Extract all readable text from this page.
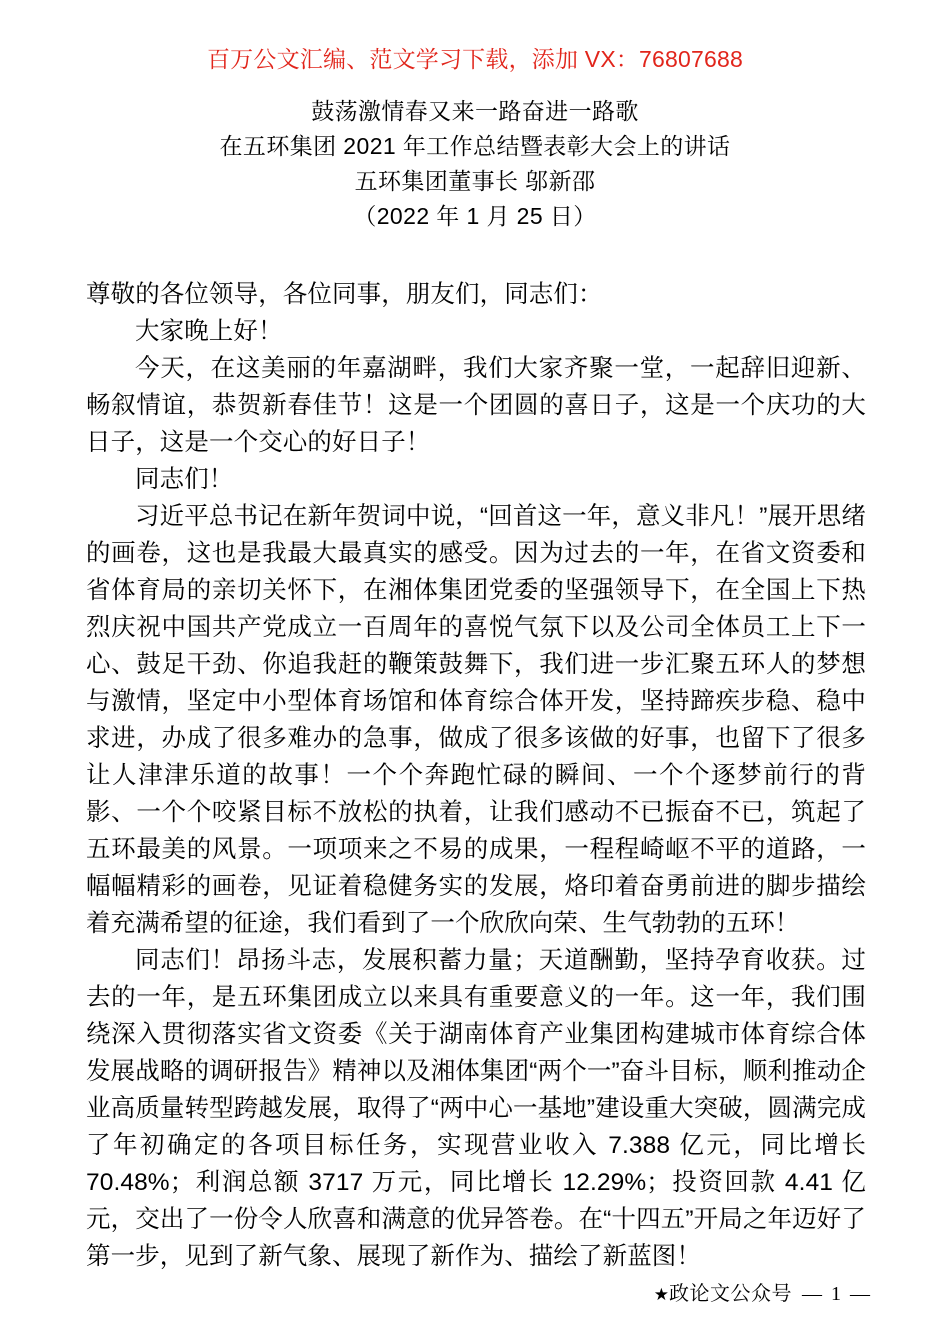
百万公文汇编、范文学习下载，添加 VX：76807688
鼓荡激情春又来一路奋进一路歌
在五环集团 2021 年工作总结暨表彰大会上的讲话
五环集团董事长 邬新邵
（2022 年 1 月 25 日）

尊敬的各位领导，各位同事，朋友们，同志们：

大家晚上好！

今天，在这美丽的年嘉湖畔，我们大家齐聚一堂，一起辞旧迎新、畅叙情谊，恭贺新春佳节！这是一个团圆的喜日子，这是一个庆功的大日子，这是一个交心的好日子！

同志们！

习近平总书记在新年贺词中说，“回首这一年，意义非凡！”展开思绪的画卷，这也是我最大最真实的感受。因为过去的一年，在省文资委和省体育局的亲切关怀下，在湘体集团党委的坚强领导下，在全国上下热烈庆祝中国共产党成立一百周年的喜悦气氛下以及公司全体员工上下一心、鼓足干劲、你追我赶的鞭策鼓舞下，我们进一步汇聚五环人的梦想与激情，坚定中小型体育场馆和体育综合体开发，坚持蹄疾步稳、稳中求进，办成了很多难办的急事，做成了很多该做的好事，也留下了很多让人津津乐道的故事！一个个奔跑忙碌的瞬间、一个个逐梦前行的背影、一个个咬紧目标不放松的执着，让我们感动不已振奋不已，筑起了五环最美的风景。一项项来之不易的成果，一程程崎岖不平的道路，一幅幅精彩的画卷，见证着稳健务实的发展，烙印着奋勇前进的脚步描绘着充满希望的征途，我们看到了一个欣欣向荣、生气勃勃的五环！

同志们！昂扬斗志，发展积蓄力量；天道酬勤，坚持孕育收获。过去的一年，是五环集团成立以来具有重要意义的一年。这一年，我们围绕深入贯彻落实省文资委《关于湖南体育产业集团构建城市体育综合体发展战略的调研报告》精神以及湘体集团“两个一”奋斗目标，顺利推动企业高质量转型跨越发展，取得了“两中心一基地”建设重大突破，圆满完成了年初确定的各项目标任务，实现营业收入 7.388 亿元，同比增长 70.48%；利润总额 3717 万元，同比增长 12.29%；投资回款 4.41 亿元，交出了一份令人欣喜和满意的优异答卷。在“十四五”开局之年迈好了第一步，见到了新气象、展现了新作为、描绘了新蓝图！

★政论文公众号 — 1 —
